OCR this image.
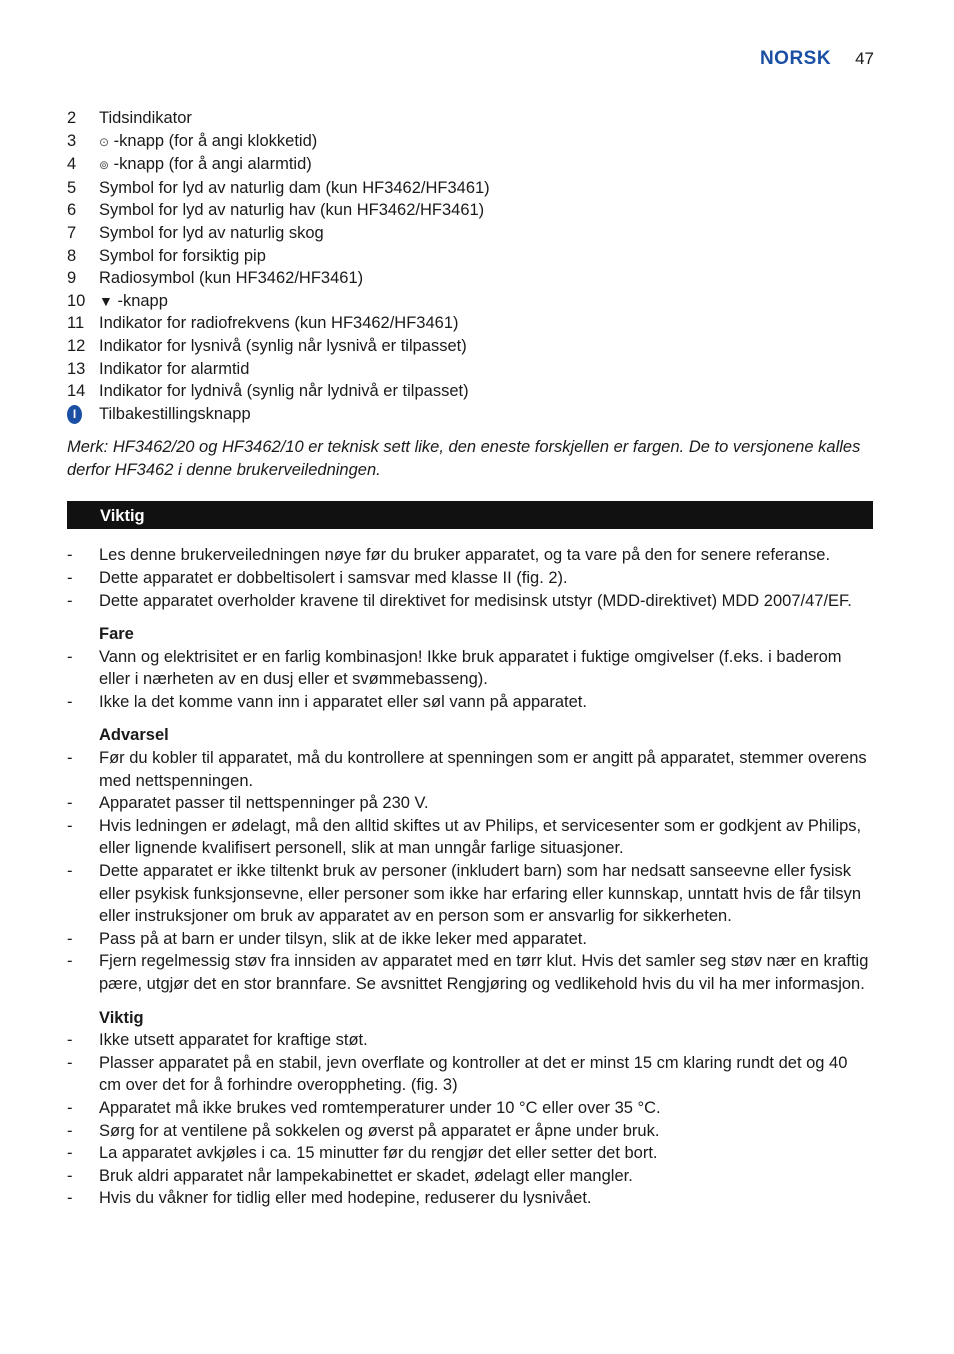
NORSK 47
2	Tidsindikator
3	⊙ -knapp (for å angi klokketid)
4	⊚ -knapp (for å angi alarmtid)
5	Symbol for lyd av naturlig dam (kun HF3462/HF3461)
6	Symbol for lyd av naturlig hav (kun HF3462/HF3461)
7	Symbol for lyd av naturlig skog
8	Symbol for forsiktig pip
9	Radiosymbol (kun HF3462/HF3461)
10 ▼ -knapp
11 Indikator for radiofrekvens (kun HF3462/HF3461)
12 Indikator for lysnivå (synlig når lysnivå er tilpasset)
13 Indikator for alarmtid
14 Indikator for lydnivå (synlig når lydnivå er tilpasset)
I	Tilbakestillingsknapp
Merk: HF3462/20 og HF3462/10 er teknisk sett like, den eneste forskjellen er fargen. De to versjonene kalles derfor HF3462 i denne brukerveiledningen.
Viktig
-	Les denne brukerveiledningen nøye før du bruker apparatet, og ta vare på den for senere referanse.
-	Dette apparatet er dobbeltisolert i samsvar med klasse II (fig. 2).
-	Dette apparatet overholder kravene til direktivet for medisinsk utstyr (MDD-direktivet) MDD 2007/47/EF.
Fare
-	Vann og elektrisitet er en farlig kombinasjon! Ikke bruk apparatet i fuktige omgivelser (f.eks. i baderom eller i nærheten av en dusj eller et svømmebasseng).
-	Ikke la det komme vann inn i apparatet eller søl vann på apparatet.
Advarsel
-	Før du kobler til apparatet, må du kontrollere at spenningen som er angitt på apparatet, stemmer overens med nettspenningen.
-	Apparatet passer til nettspenninger på 230 V.
-	Hvis ledningen er ødelagt, må den alltid skiftes ut av Philips, et servicesenter som er godkjent av Philips, eller lignende kvalifisert personell, slik at man unngår farlige situasjoner.
-	Dette apparatet er ikke tiltenkt bruk av personer (inkludert barn) som har nedsatt sanseevne eller fysisk eller psykisk funksjonsevne, eller personer som ikke har erfaring eller kunnskap, unntatt hvis de får tilsyn eller instruksjoner om bruk av apparatet av en person som er ansvarlig for sikkerheten.
-	Pass på at barn er under tilsyn, slik at de ikke leker med apparatet.
-	Fjern regelmessig støv fra innsiden av apparatet med en tørr klut. Hvis det samler seg støv nær en kraftig pære, utgjør det en stor brannfare. Se avsnittet Rengjøring og vedlikehold hvis du vil ha mer informasjon.
Viktig
-	Ikke utsett apparatet for kraftige støt.
-	Plasser apparatet på en stabil, jevn overflate og kontroller at det er minst 15 cm klaring rundt det og 40 cm over det for å forhindre overoppheting. (fig. 3)
-	Apparatet må ikke brukes ved romtemperaturer under 10 °C eller over 35 °C.
-	Sørg for at ventilene på sokkelen og øverst på apparatet er åpne under bruk.
-	La apparatet avkjøles i ca. 15 minutter før du rengjør det eller setter det bort.
-	Bruk aldri apparatet når lampekabinettet er skadet, ødelagt eller mangler.
-	Hvis du våkner for tidlig eller med hodepine, reduserer du lysnivået.
